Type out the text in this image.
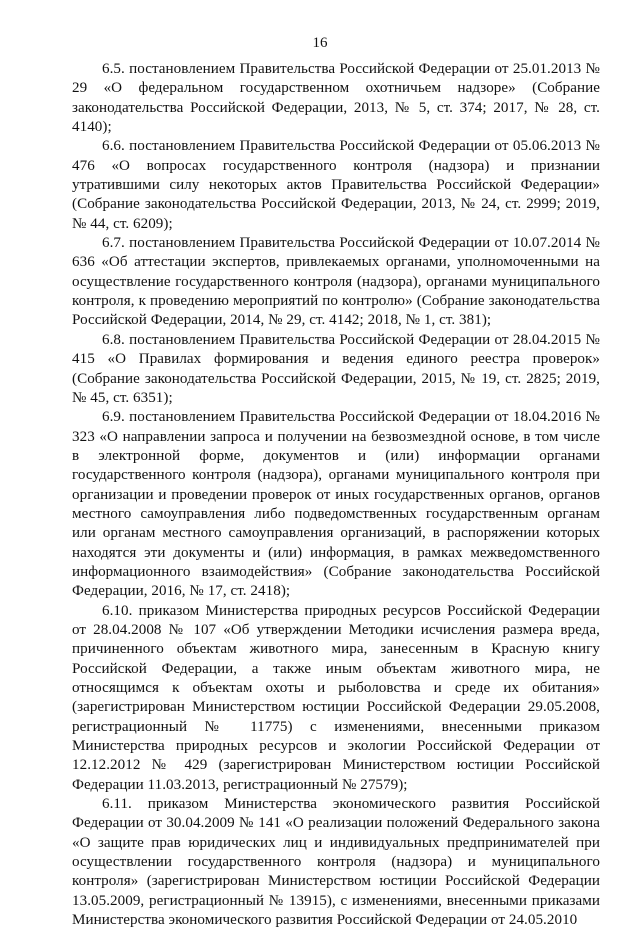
16

6.5. постановлением Правительства Российской Федерации от 25.01.2013 № 29 «О федеральном государственном охотничьем надзоре» (Собрание законодательства Российской Федерации, 2013, № 5, ст. 374; 2017, № 28, ст. 4140);

6.6. постановлением Правительства Российской Федерации от 05.06.2013 № 476 «О вопросах государственного контроля (надзора) и признании утратившими силу некоторых актов Правительства Российской Федерации» (Собрание законодательства Российской Федерации, 2013, № 24, ст. 2999; 2019, № 44, ст. 6209);

6.7. постановлением Правительства Российской Федерации от 10.07.2014 № 636 «Об аттестации экспертов, привлекаемых органами, уполномоченными на осуществление государственного контроля (надзора), органами муниципального контроля, к проведению мероприятий по контролю» (Собрание законодательства Российской Федерации, 2014, № 29, ст. 4142; 2018, № 1, ст. 381);

6.8. постановлением Правительства Российской Федерации от 28.04.2015 № 415 «О Правилах формирования и ведения единого реестра проверок» (Собрание законодательства Российской Федерации, 2015, № 19, ст. 2825; 2019, № 45, ст. 6351);

6.9. постановлением Правительства Российской Федерации от 18.04.2016 № 323 «О направлении запроса и получении на безвозмездной основе, в том числе в электронной форме, документов и (или) информации органами государственного контроля (надзора), органами муниципального контроля при организации и проведении проверок от иных государственных органов, органов местного самоуправления либо подведомственных государственным органам или органам местного самоуправления организаций, в распоряжении которых находятся эти документы и (или) информация, в рамках межведомственного информационного взаимодействия» (Собрание законодательства Российской Федерации, 2016, № 17, ст. 2418);

6.10. приказом Министерства природных ресурсов Российской Федерации от 28.04.2008 № 107 «Об утверждении Методики исчисления размера вреда, причиненного объектам животного мира, занесенным в Красную книгу Российской Федерации, а также иным объектам животного мира, не относящимся к объектам охоты и рыболовства и среде их обитания» (зарегистрирован Министерством юстиции Российской Федерации 29.05.2008, регистрационный № 11775) с изменениями, внесенными приказом Министерства природных ресурсов и экологии Российской Федерации от 12.12.2012 № 429 (зарегистрирован Министерством юстиции Российской Федерации 11.03.2013, регистрационный № 27579);

6.11. приказом Министерства экономического развития Российской Федерации от 30.04.2009 № 141 «О реализации положений Федерального закона «О защите прав юридических лиц и индивидуальных предпринимателей при осуществлении государственного контроля (надзора) и муниципального контроля» (зарегистрирован Министерством юстиции Российской Федерации 13.05.2009, регистрационный № 13915), с изменениями, внесенными приказами Министерства экономического развития Российской Федерации от 24.05.2010
